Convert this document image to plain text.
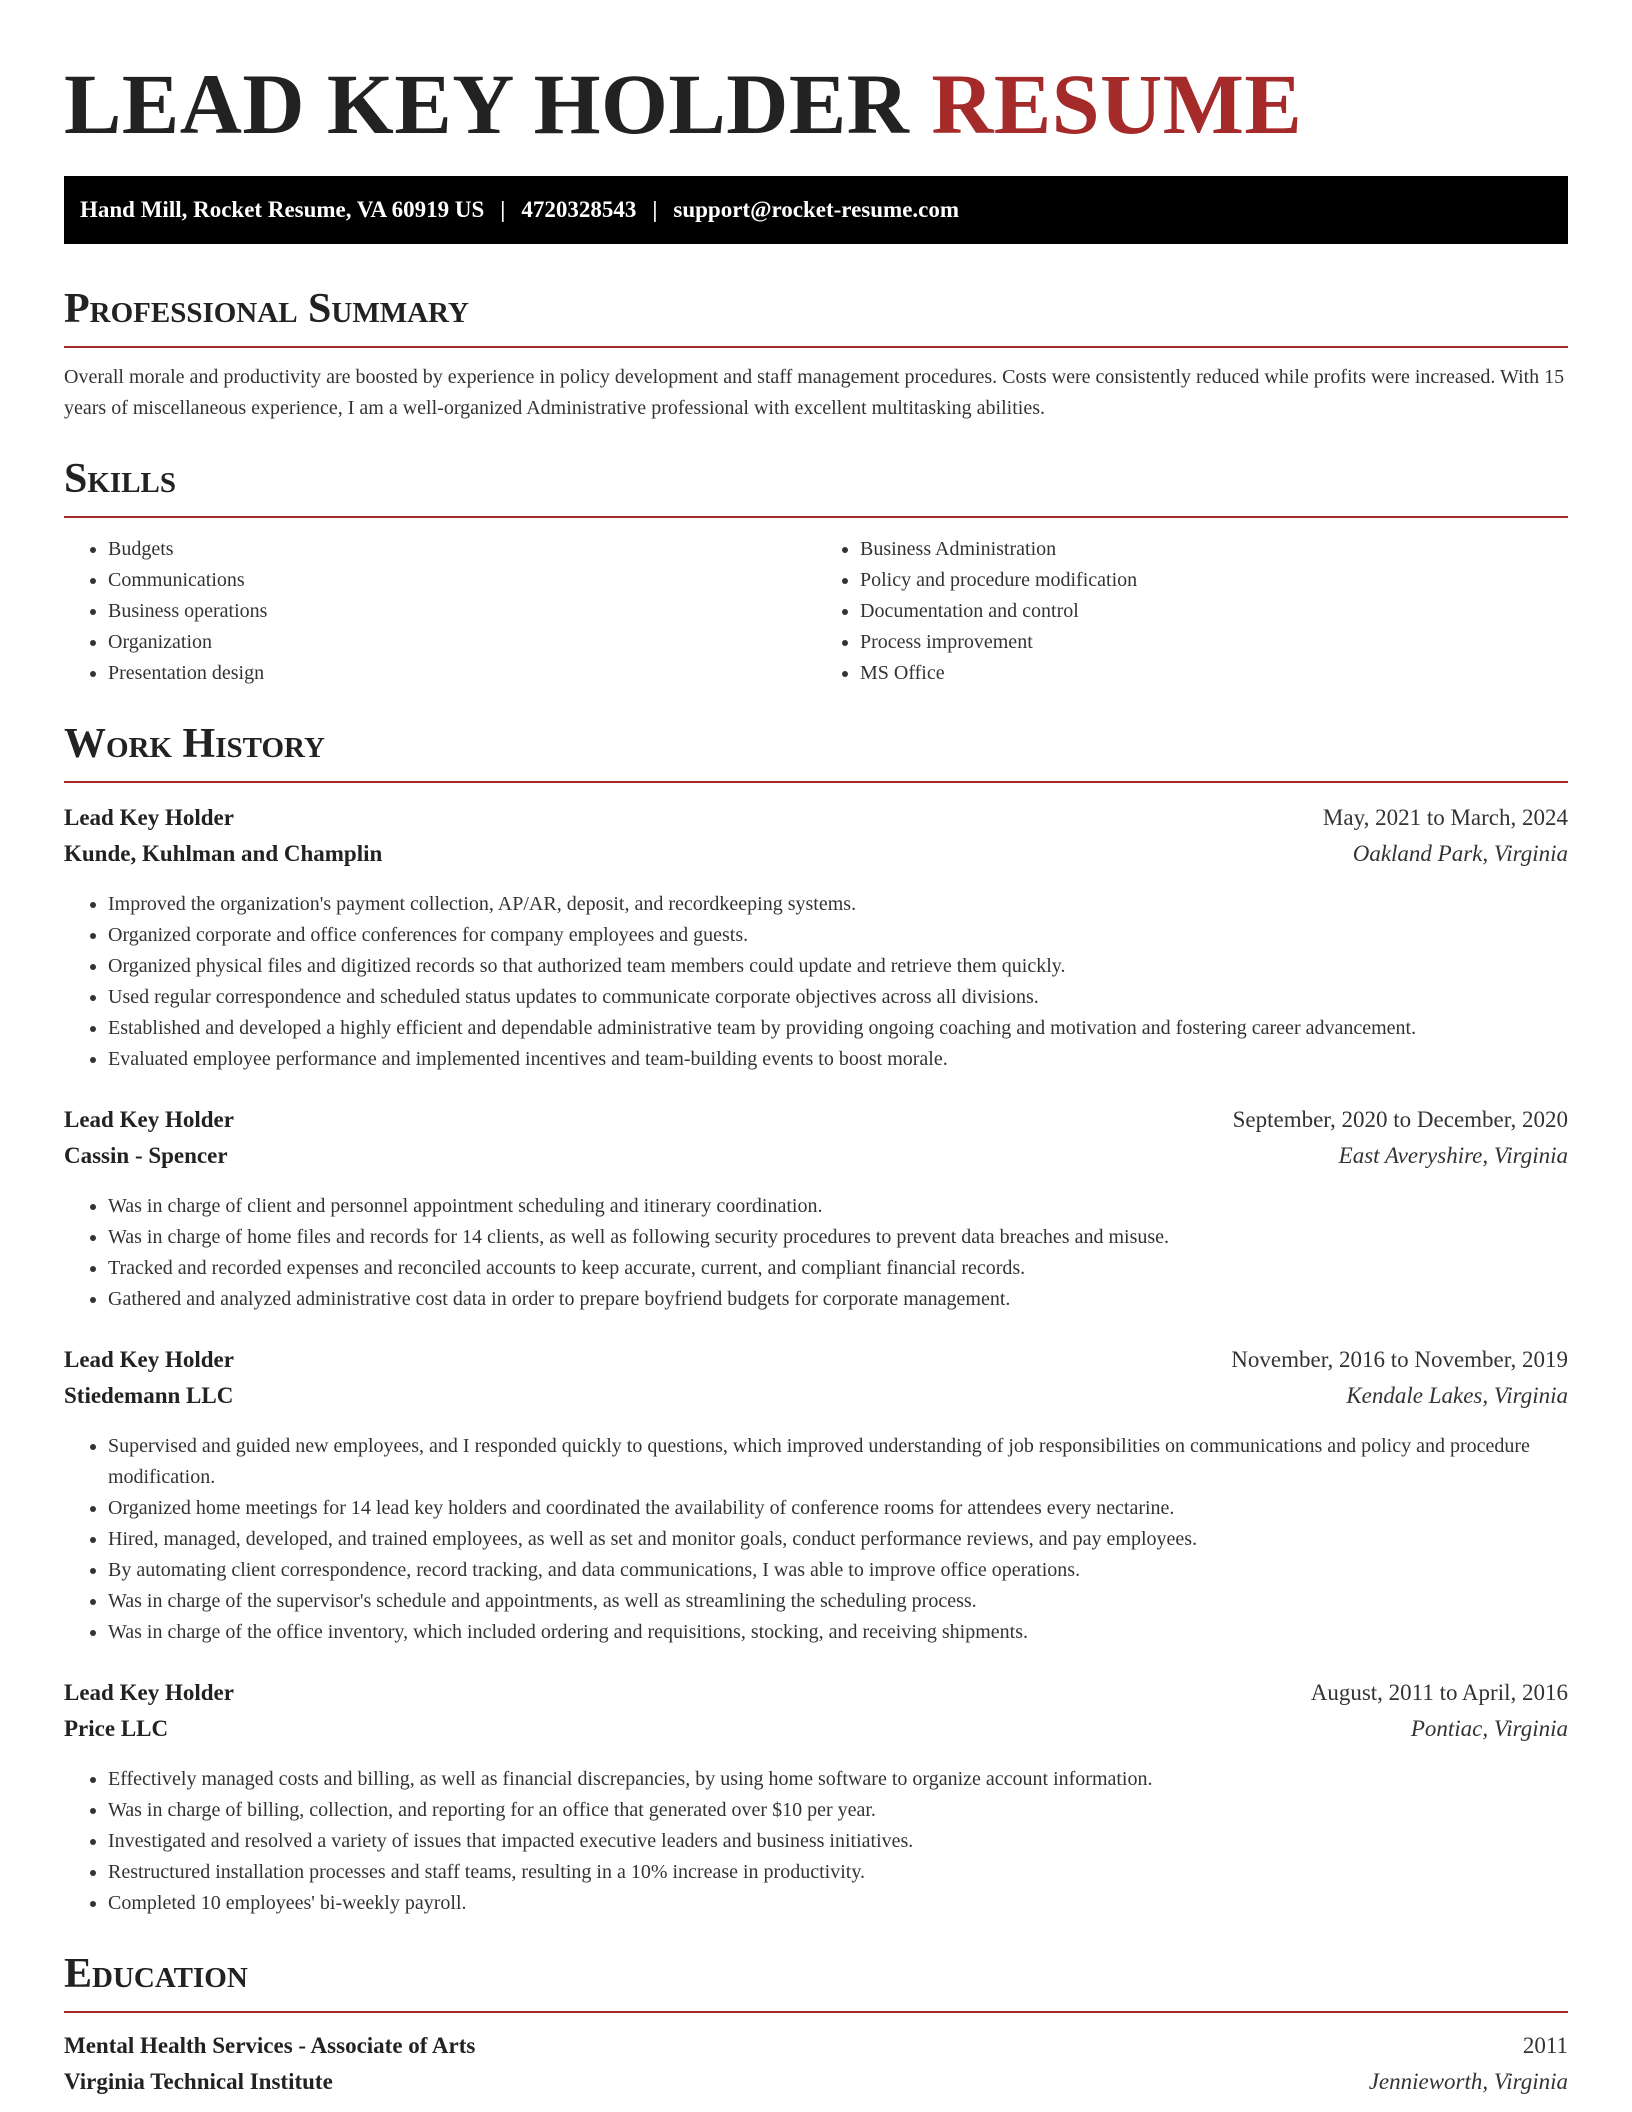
LEAD KEY HOLDER RESUME
Hand Mill, Rocket Resume, VA 60919 US | 4720328543 | support@rocket-resume.com
Professional Summary

Overall morale and productivity are boosted by experience in policy development and staff management procedures. Costs were consistently reduced while profits were increased. With 15 years of miscellaneous experience, I am a well-organized Administrative professional with excellent multitasking abilities.

Skills
• Budgets
• Communications
• Business operations
• Organization
• Presentation design
• Business Administration
• Policy and procedure modification
• Documentation and control
• Process improvement
• MS Office
Work History
Lead Key Holder	May, 2021 to March, 2024
Kunde, Kuhlman and Champlin	Oakland Park, Virginia
• Improved the organization's payment collection, AP/AR, deposit, and recordkeeping systems.
• Organized corporate and office conferences for company employees and guests.
• Organized physical files and digitized records so that authorized team members could update and retrieve them quickly.
• Used regular correspondence and scheduled status updates to communicate corporate objectives across all divisions.
• Established and developed a highly efficient and dependable administrative team by providing ongoing coaching and motivation and fostering career advancement.
• Evaluated employee performance and implemented incentives and team-building events to boost morale.
Lead Key Holder	September, 2020 to December, 2020
Cassin - Spencer	East Averyshire, Virginia
• Was in charge of client and personnel appointment scheduling and itinerary coordination.
• Was in charge of home files and records for 14 clients, as well as following security procedures to prevent data breaches and misuse.
• Tracked and recorded expenses and reconciled accounts to keep accurate, current, and compliant financial records.
• Gathered and analyzed administrative cost data in order to prepare boyfriend budgets for corporate management.
Lead Key Holder	November, 2016 to November, 2019
Stiedemann LLC	Kendale Lakes, Virginia
• Supervised and guided new employees, and I responded quickly to questions, which improved understanding of job responsibilities on communications and policy and procedure modification.
• Organized home meetings for 14 lead key holders and coordinated the availability of conference rooms for attendees every nectarine.
• Hired, managed, developed, and trained employees, as well as set and monitor goals, conduct performance reviews, and pay employees.
• By automating client correspondence, record tracking, and data communications, I was able to improve office operations.
• Was in charge of the supervisor's schedule and appointments, as well as streamlining the scheduling process.
• Was in charge of the office inventory, which included ordering and requisitions, stocking, and receiving shipments.
Lead Key Holder	August, 2011 to April, 2016
Price LLC	Pontiac, Virginia
• Effectively managed costs and billing, as well as financial discrepancies, by using home software to organize account information.
• Was in charge of billing, collection, and reporting for an office that generated over $10 per year.
• Investigated and resolved a variety of issues that impacted executive leaders and business initiatives.
• Restructured installation processes and staff teams, resulting in a 10% increase in productivity.
• Completed 10 employees' bi-weekly payroll.
Education
Mental Health Services - Associate of Arts	2011
Virginia Technical Institute	Jennieworth, Virginia
